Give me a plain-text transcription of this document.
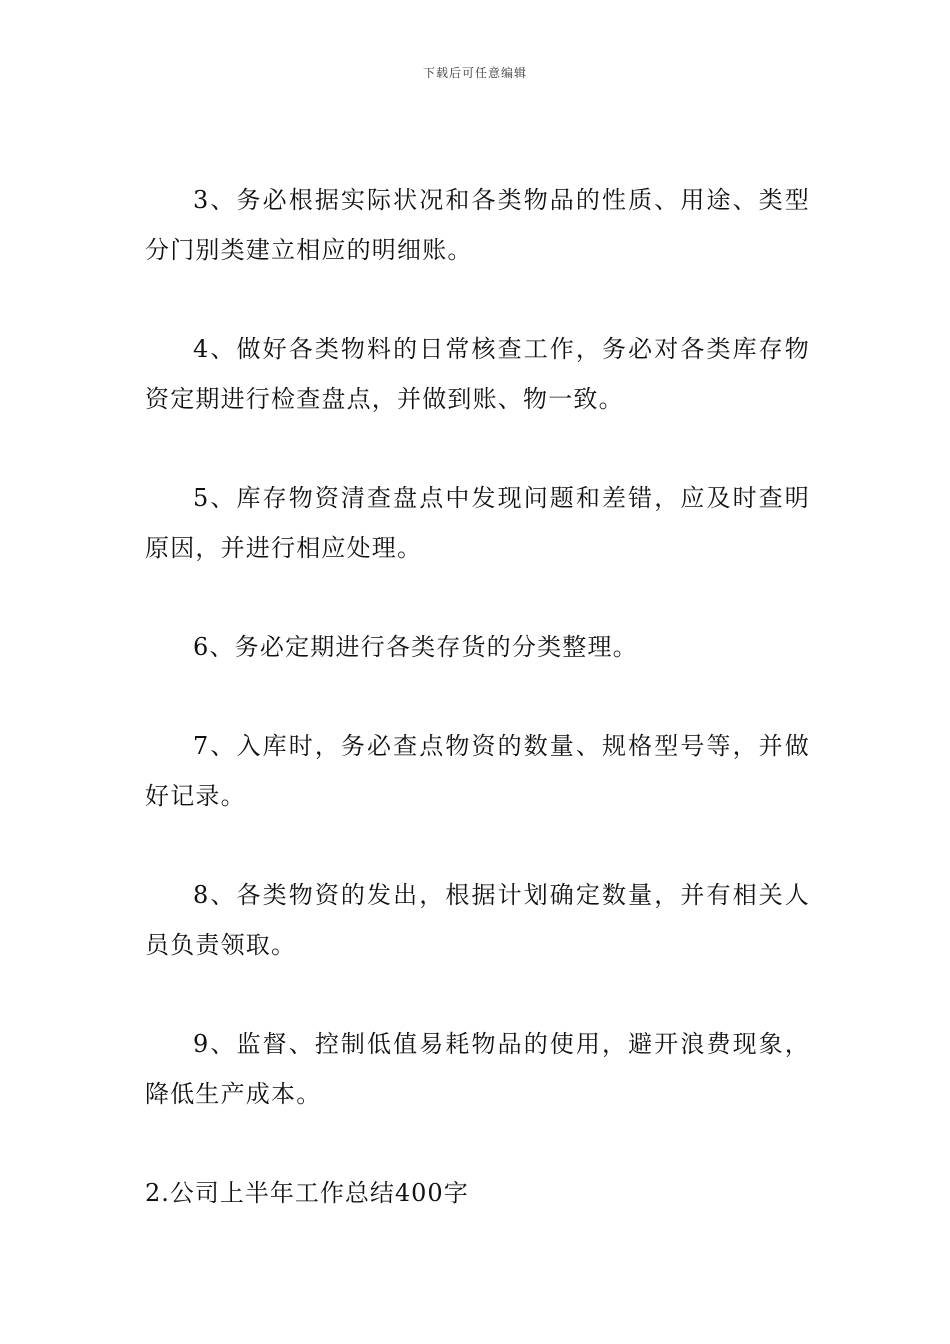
下载后可任意编辑

3、务必根据实际状况和各类物品的性质、用途、类型分门别类建立相应的明细账。

4、做好各类物料的日常核查工作，务必对各类库存物资定期进行检查盘点，并做到账、物一致。

5、库存物资清查盘点中发现问题和差错，应及时查明原因，并进行相应处理。

6、务必定期进行各类存货的分类整理。

7、入库时，务必查点物资的数量、规格型号等，并做好记录。

8、各类物资的发出，根据计划确定数量，并有相关人员负责领取。

9、监督、控制低值易耗物品的使用，避开浪费现象，降低生产成本。

2.公司上半年工作总结400字
